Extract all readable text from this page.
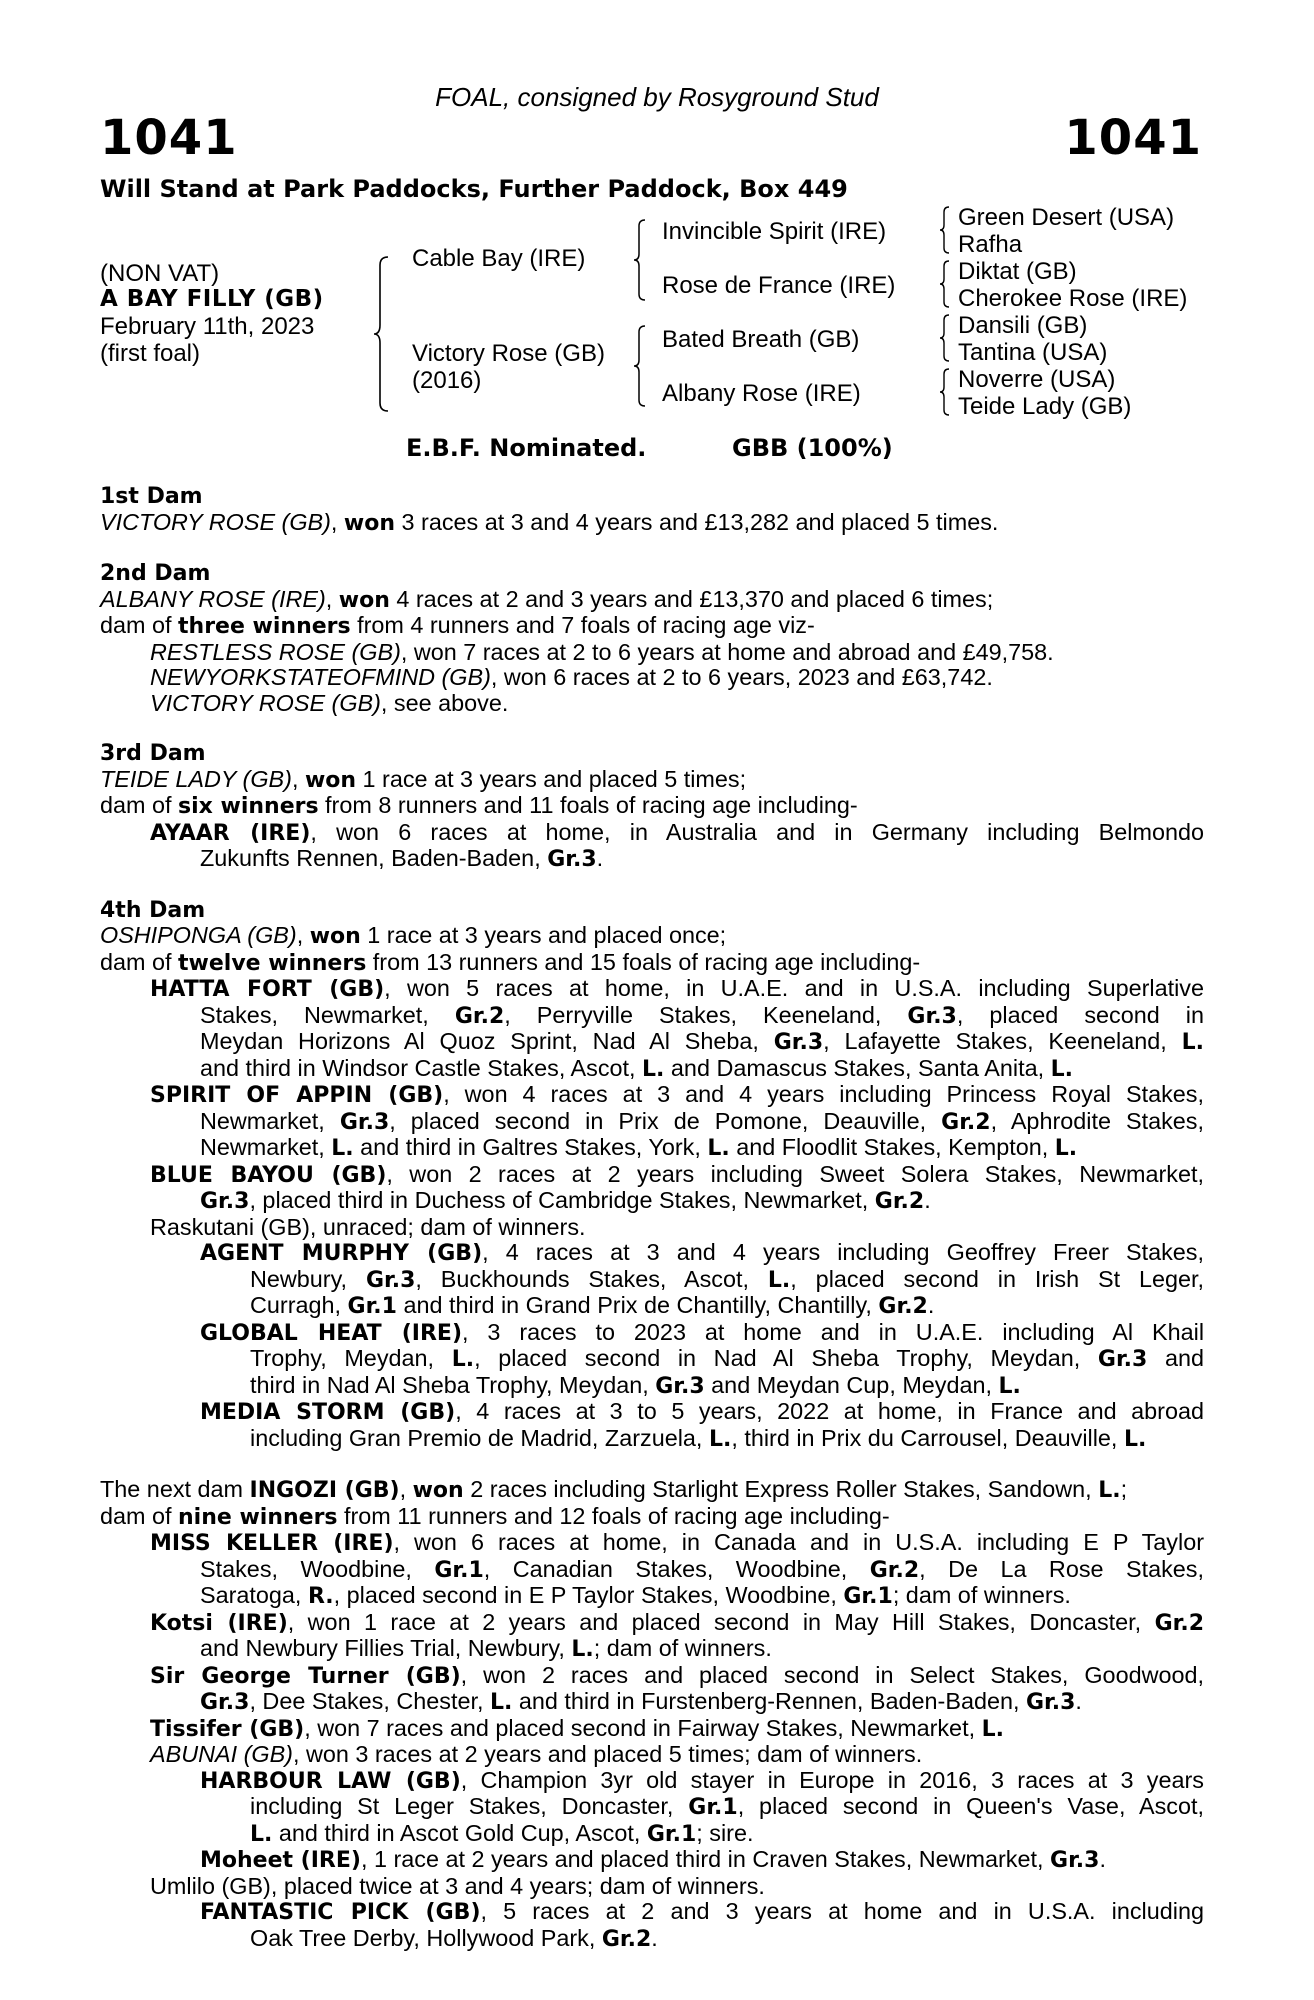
FOAL, consigned by Rosyground Stud
1041	1041
Will Stand at Park Paddocks, Further Paddock, Box 449
(NON VAT)
A BAY FILLY (GB)
February 11th, 2023
(first foal)
Cable Bay (IRE)
Victory Rose (GB)
(2016)
Invincible Spirit (IRE)
Rose de France (IRE)
Bated Breath (GB)
Albany Rose (IRE)
Green Desert (USA)
Rafha
Diktat (GB)
Cherokee Rose (IRE)
Dansili (GB)
Tantina (USA)
Noverre (USA)
Teide Lady (GB)
E.B.F. Nominated.	GBB (100%)
1st Dam
VICTORY ROSE (GB), won 3 races at 3 and 4 years and £13,282 and placed 5 times.
2nd Dam
ALBANY ROSE (IRE), won 4 races at 2 and 3 years and £13,370 and placed 6 times;
dam of three winners from 4 runners and 7 foals of racing age viz-
RESTLESS ROSE (GB), won 7 races at 2 to 6 years at home and abroad and £49,758.
NEWYORKSTATEOFMIND (GB), won 6 races at 2 to 6 years, 2023 and £63,742.
VICTORY ROSE (GB), see above.
3rd Dam
TEIDE LADY (GB), won 1 race at 3 years and placed 5 times;
dam of six winners from 8 runners and 11 foals of racing age including-
AYAAR (IRE), won 6 races at home, in Australia and in Germany including Belmondo
Zukunfts Rennen, Baden-Baden, Gr.3.
4th Dam
OSHIPONGA (GB), won 1 race at 3 years and placed once;
dam of twelve winners from 13 runners and 15 foals of racing age including-
HATTA FORT (GB), won 5 races at home, in U.A.E. and in U.S.A. including Superlative
Stakes, Newmarket, Gr.2, Perryville Stakes, Keeneland, Gr.3, placed second in
Meydan Horizons Al Quoz Sprint, Nad Al Sheba, Gr.3, Lafayette Stakes, Keeneland, L.
and third in Windsor Castle Stakes, Ascot, L. and Damascus Stakes, Santa Anita, L.
SPIRIT OF APPIN (GB), won 4 races at 3 and 4 years including Princess Royal Stakes,
Newmarket, Gr.3, placed second in Prix de Pomone, Deauville, Gr.2, Aphrodite Stakes,
Newmarket, L. and third in Galtres Stakes, York, L. and Floodlit Stakes, Kempton, L.
BLUE BAYOU (GB), won 2 races at 2 years including Sweet Solera Stakes, Newmarket,
Gr.3, placed third in Duchess of Cambridge Stakes, Newmarket, Gr.2.
Raskutani (GB), unraced; dam of winners.
AGENT MURPHY (GB), 4 races at 3 and 4 years including Geoffrey Freer Stakes,
Newbury, Gr.3, Buckhounds Stakes, Ascot, L., placed second in Irish St Leger,
Curragh, Gr.1 and third in Grand Prix de Chantilly, Chantilly, Gr.2.
GLOBAL HEAT (IRE), 3 races to 2023 at home and in U.A.E. including Al Khail
Trophy, Meydan, L., placed second in Nad Al Sheba Trophy, Meydan, Gr.3 and
third in Nad Al Sheba Trophy, Meydan, Gr.3 and Meydan Cup, Meydan, L.
MEDIA STORM (GB), 4 races at 3 to 5 years, 2022 at home, in France and abroad
including Gran Premio de Madrid, Zarzuela, L., third in Prix du Carrousel, Deauville, L.
The next dam INGOZI (GB), won 2 races including Starlight Express Roller Stakes, Sandown, L.;
dam of nine winners from 11 runners and 12 foals of racing age including-
MISS KELLER (IRE), won 6 races at home, in Canada and in U.S.A. including E P Taylor
Stakes, Woodbine, Gr.1, Canadian Stakes, Woodbine, Gr.2, De La Rose Stakes,
Saratoga, R., placed second in E P Taylor Stakes, Woodbine, Gr.1; dam of winners.
Kotsi (IRE), won 1 race at 2 years and placed second in May Hill Stakes, Doncaster, Gr.2
and Newbury Fillies Trial, Newbury, L.; dam of winners.
Sir George Turner (GB), won 2 races and placed second in Select Stakes, Goodwood,
Gr.3, Dee Stakes, Chester, L. and third in Furstenberg-Rennen, Baden-Baden, Gr.3.
Tissifer (GB), won 7 races and placed second in Fairway Stakes, Newmarket, L.
ABUNAI (GB), won 3 races at 2 years and placed 5 times; dam of winners.
HARBOUR LAW (GB), Champion 3yr old stayer in Europe in 2016, 3 races at 3 years
including St Leger Stakes, Doncaster, Gr.1, placed second in Queen's Vase, Ascot,
L. and third in Ascot Gold Cup, Ascot, Gr.1; sire.
Moheet (IRE), 1 race at 2 years and placed third in Craven Stakes, Newmarket, Gr.3.
Umlilo (GB), placed twice at 3 and 4 years; dam of winners.
FANTASTIC PICK (GB), 5 races at 2 and 3 years at home and in U.S.A. including
Oak Tree Derby, Hollywood Park, Gr.2.
